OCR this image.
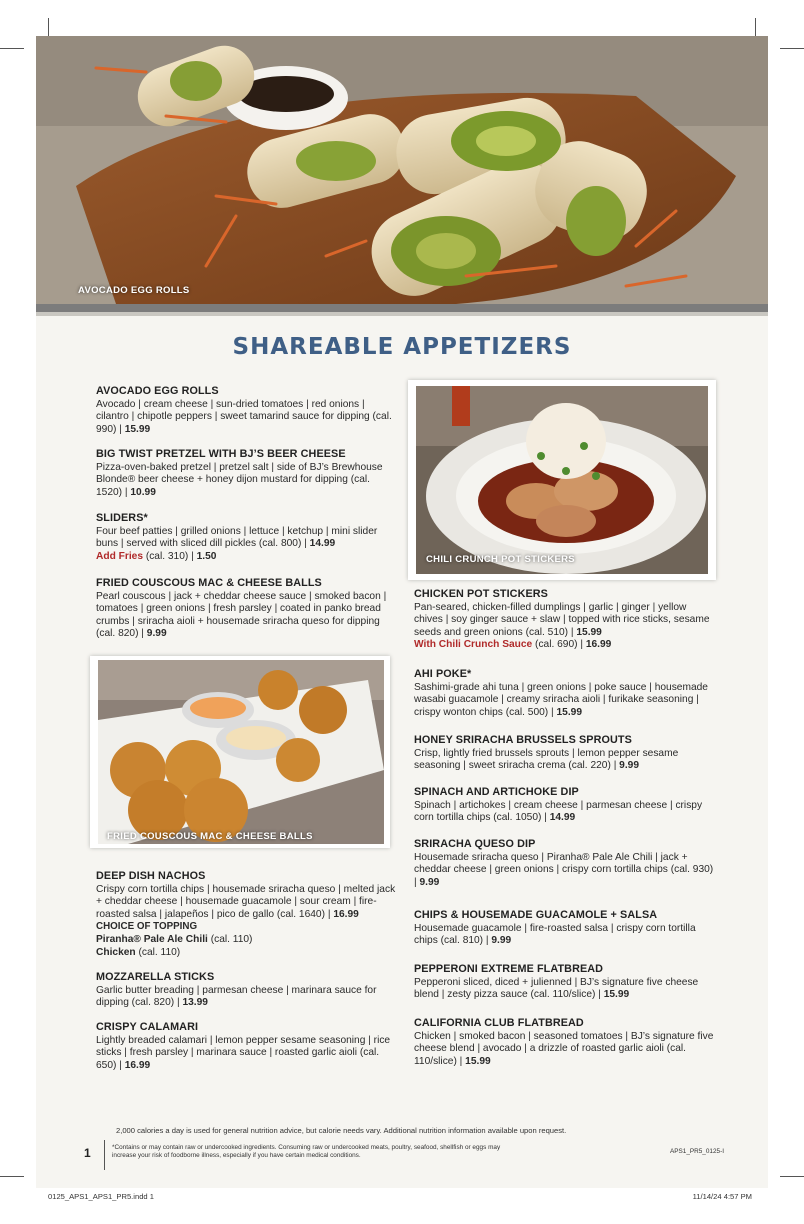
AVOCADO EGG ROLLS
SHAREABLE APPETIZERS
AVOCADO EGG ROLLS

Avocado | cream cheese | sun-dried tomatoes | red onions | cilantro | chipotle peppers | sweet tamarind sauce for dipping (cal. 990) | 15.99

BIG TWIST PRETZEL WITH BJ’S BEER CHEESE

Pizza-oven-baked pretzel | pretzel salt | side of BJ’s Brewhouse Blonde® beer cheese + honey dijon mustard for dipping (cal. 1520) | 10.99

SLIDERS*

Four beef patties | grilled onions | lettuce | ketchup | mini slider buns | served with sliced dill pickles (cal. 800) | 14.99

Add Fries (cal. 310) | 1.50

FRIED COUSCOUS MAC & CHEESE BALLS

Pearl couscous | jack + cheddar cheese sauce | smoked bacon | tomatoes | green onions | fresh parsley | coated in panko bread crumbs | sriracha aioli + housemade sriracha queso for dipping (cal. 820) | 9.99

FRIED COUSCOUS MAC & CHEESE BALLS
DEEP DISH NACHOS

Crispy corn tortilla chips | housemade sriracha queso | melted jack + cheddar cheese | housemade guacamole | sour cream | fire-roasted salsa | jalapeños | pico de gallo (cal. 1640) | 16.99

CHOICE OF TOPPING

Piranha® Pale Ale Chili (cal. 110)

Chicken (cal. 110)

MOZZARELLA STICKS

Garlic butter breading | parmesan cheese | marinara sauce for dipping (cal. 820) | 13.99

CRISPY CALAMARI

Lightly breaded calamari | lemon pepper sesame seasoning | rice sticks | fresh parsley | marinara sauce | roasted garlic aioli (cal. 650) | 16.99

CHILI CRUNCH POT STICKERS
CHICKEN POT STICKERS

Pan-seared, chicken-filled dumplings | garlic | ginger | yellow chives | soy ginger sauce + slaw | topped with rice sticks, sesame seeds and green onions (cal. 510) | 15.99

With Chili Crunch Sauce (cal. 690) | 16.99

AHI POKE*

Sashimi-grade ahi tuna | green onions | poke sauce | housemade wasabi guacamole | creamy sriracha aioli | furikake seasoning | crispy wonton chips (cal. 500) | 15.99

HONEY SRIRACHA BRUSSELS SPROUTS

Crisp, lightly fried brussels sprouts | lemon pepper sesame seasoning | sweet sriracha crema (cal. 220) | 9.99

SPINACH AND ARTICHOKE DIP

Spinach | artichokes | cream cheese | parmesan cheese | crispy corn tortilla chips (cal. 1050) | 14.99

SRIRACHA QUESO DIP

Housemade sriracha queso | Piranha® Pale Ale Chili | jack + cheddar cheese | green onions | crispy corn tortilla chips (cal. 930) | 9.99

CHIPS & HOUSEMADE GUACAMOLE + SALSA

Housemade guacamole | fire-roasted salsa | crispy corn tortilla chips (cal. 810) | 9.99

PEPPERONI EXTREME FLATBREAD

Pepperoni sliced, diced + julienned | BJ’s signature five cheese blend | zesty pizza sauce (cal. 110/slice) | 15.99

CALIFORNIA CLUB FLATBREAD

Chicken | smoked bacon | seasoned tomatoes | BJ’s signature five cheese blend | avocado | a drizzle of roasted garlic aioli (cal. 110/slice) | 15.99

2,000 calories a day is used for general nutrition advice, but calorie needs vary. Additional nutrition information available upon request.
1	*Contains or may contain raw or undercooked ingredients. Consuming raw or undercooked meats, poultry, seafood, shellfish or eggs may increase your risk of foodborne illness, especially if you have certain medical conditions.
APS1_PR5_0125-I
0125_APS1_APS1_PR5.indd 1	11/14/24 4:57 PM
